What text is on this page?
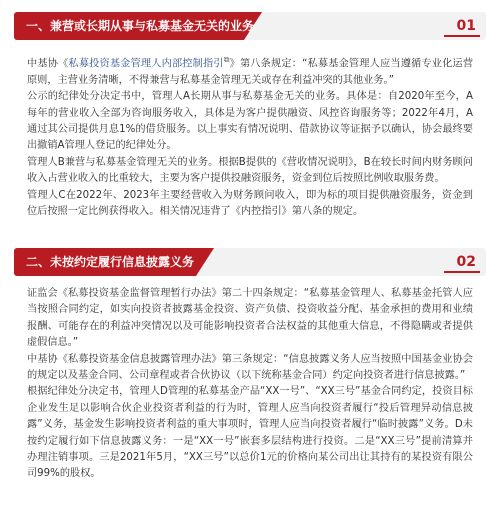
一、兼营或长期从事与私募基金无关的业务	01

中基协《私募投资基金管理人内部控制指引⧉》第八条规定：“私募基金管理人应当遵循专业化运营原则，主营业务清晰，不得兼营与私募基金管理无关或存在利益冲突的其他业务。”

公示的纪律处分决定书中，管理人A长期从事与私募基金无关的业务。具体是：自2020年至今，A每年的营业收入全部为咨询服务收入，具体是为客户提供融资、风控咨询服务等；2022年4月，A通过其公司提供月息1%的借贷服务。以上事实有情况说明、借款协议等证据予以确认，协会最终要出撤销A管理人登记的纪律处分。

管理人B兼营与私募基金管理无关的业务。根据B提供的《营收情况说明》，B在较长时间内财务顾问收入占营业收入的比重较大，主要为客户提供投融资服务，资金到位后按照比例收取服务费。

管理人C在2022年、2023年主要经营收入为财务顾问收入，即为标的项目提供融资服务，资金到位后按照一定比例获得收入。相关情况违背了《内控指引》第八条的规定。

二、未按约定履行信息披露义务	02

证监会《私募投资基金监督管理暂行办法》第二十四条规定：“私募基金管理人、私募基金托管人应当按照合同约定，如实向投资者披露基金投资、资产负债、投资收益分配、基金承担的费用和业绩报酬、可能存在的利益冲突情况以及可能影响投资者合法权益的其他重大信息，不得隐瞒或者提供虚假信息。”

中基协《私募投资基金信息披露管理办法》第三条规定：“信息披露义务人应当按照中国基金业协会的规定以及基金合同、公司章程或者合伙协议（以下统称基金合同）约定向投资者进行信息披露。”

根据纪律处分决定书，管理人D管理的私募基金产品“XX一号”、“XX三号”基金合同约定，投资目标企业发生足以影响合伙企业投资者利益的行为时，管理人应当向投资者履行“投后管理异动信息披露”义务，基金发生影响投资者利益的重大事项时，管理人应当向投资者履行“临时披露”义务。D未按约定履行如下信息披露义务：一是“XX一号”嵌套多层结构进行投资。二是“XX三号”提前清算并办理注销事项。三是2021年5月，“XX三号”以总价1元的价格向某公司出让其持有的某投资有限公司99%的股权。
